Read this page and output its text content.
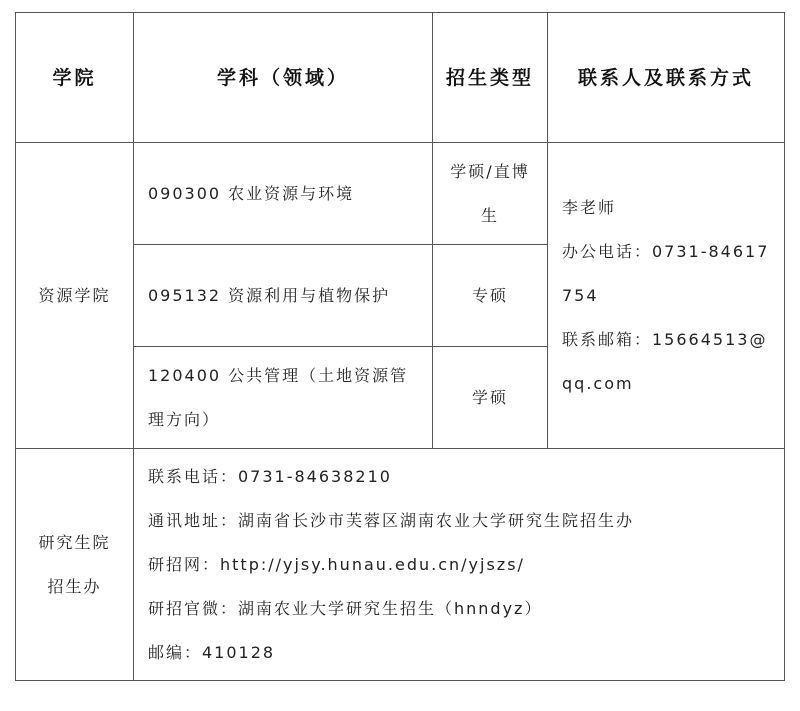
学院	学科（领域）	招生类型	联系人及联系方式
资源学院	090300 农业资源与环境	学硕/直博生	李老师
办公电话：0731-84617754
联系邮箱：15664513@qq.com

	095132 资源利用与植物保护	专硕	
	120400 公共管理（土地资源管理方向）	学硕	
研究生院招生办	联系电话：0731-84638210
通讯地址：湖南省长沙市芙蓉区湖南农业大学研究生院招生办
研招网：http://yjsy.hunau.edu.cn/yjszs/
研招官微：湖南农业大学研究生招生（hnndyz）
邮编：410128		
